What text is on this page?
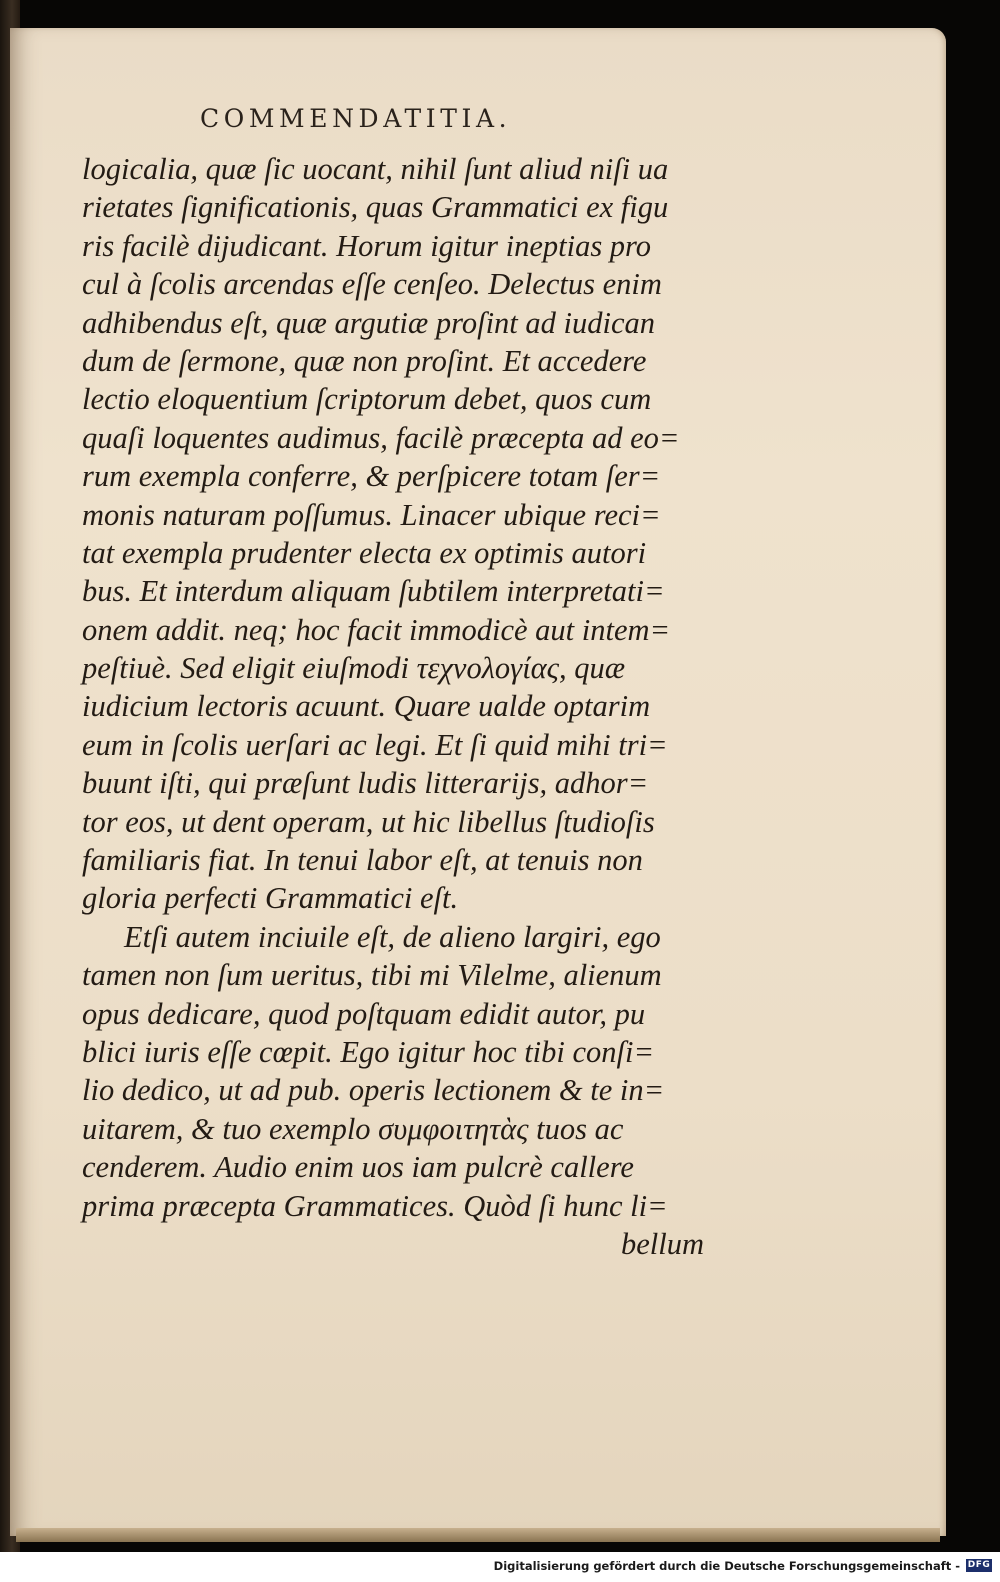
COMMENDATITIA.
logicalia, quæ ſic uocant, nihil ſunt aliud niſi ua
rietates ſignificationis, quas Grammatici ex figu
ris facilè dijudicant. Horum igitur ineptias pro
cul à ſcolis arcendas eſſe cenſeo. Delectus enim
adhibendus eſt, quæ argutiæ proſint ad iudican
dum de ſermone, quæ non proſint. Et accedere
lectio eloquentium ſcriptorum debet, quos cum
quaſi loquentes audimus, facilè præcepta ad eo=
rum exempla conferre, & perſpicere totam ſer=
monis naturam poſſumus. Linacer ubique reci=
tat exempla prudenter electa ex optimis autori
bus. Et interdum aliquam ſubtilem interpretati=
onem addit. neq; hoc facit immodicè aut intem=
peſtiuè. Sed eligit eiuſmodi τεχνολογίας, quæ
iudicium lectoris acuunt. Quare ualde optarim
eum in ſcolis uerſari ac legi. Et ſi quid mihi tri=
buunt iſti, qui præſunt ludis litterarijs, adhor=
tor eos, ut dent operam, ut hic libellus ſtudioſis
familiaris fiat. In tenui labor eſt, at tenuis non
gloria perfecti Grammatici eſt.
Etſi autem inciuile eſt, de alieno largiri, ego
tamen non ſum ueritus, tibi mi Vilelme, alienum
opus dedicare, quod poſtquam edidit autor, pu
blici iuris eſſe cœpit. Ego igitur hoc tibi conſi=
lio dedico, ut ad pub. operis lectionem & te in=
uitarem, & tuo exemplo συμφοιτητὰς tuos ac
cenderem. Audio enim uos iam pulcrè callere
prima præcepta Grammatices. Quòd ſi hunc li=
bellum
Digitalisierung gefördert durch die Deutsche Forschungsgemeinschaft - DFG
